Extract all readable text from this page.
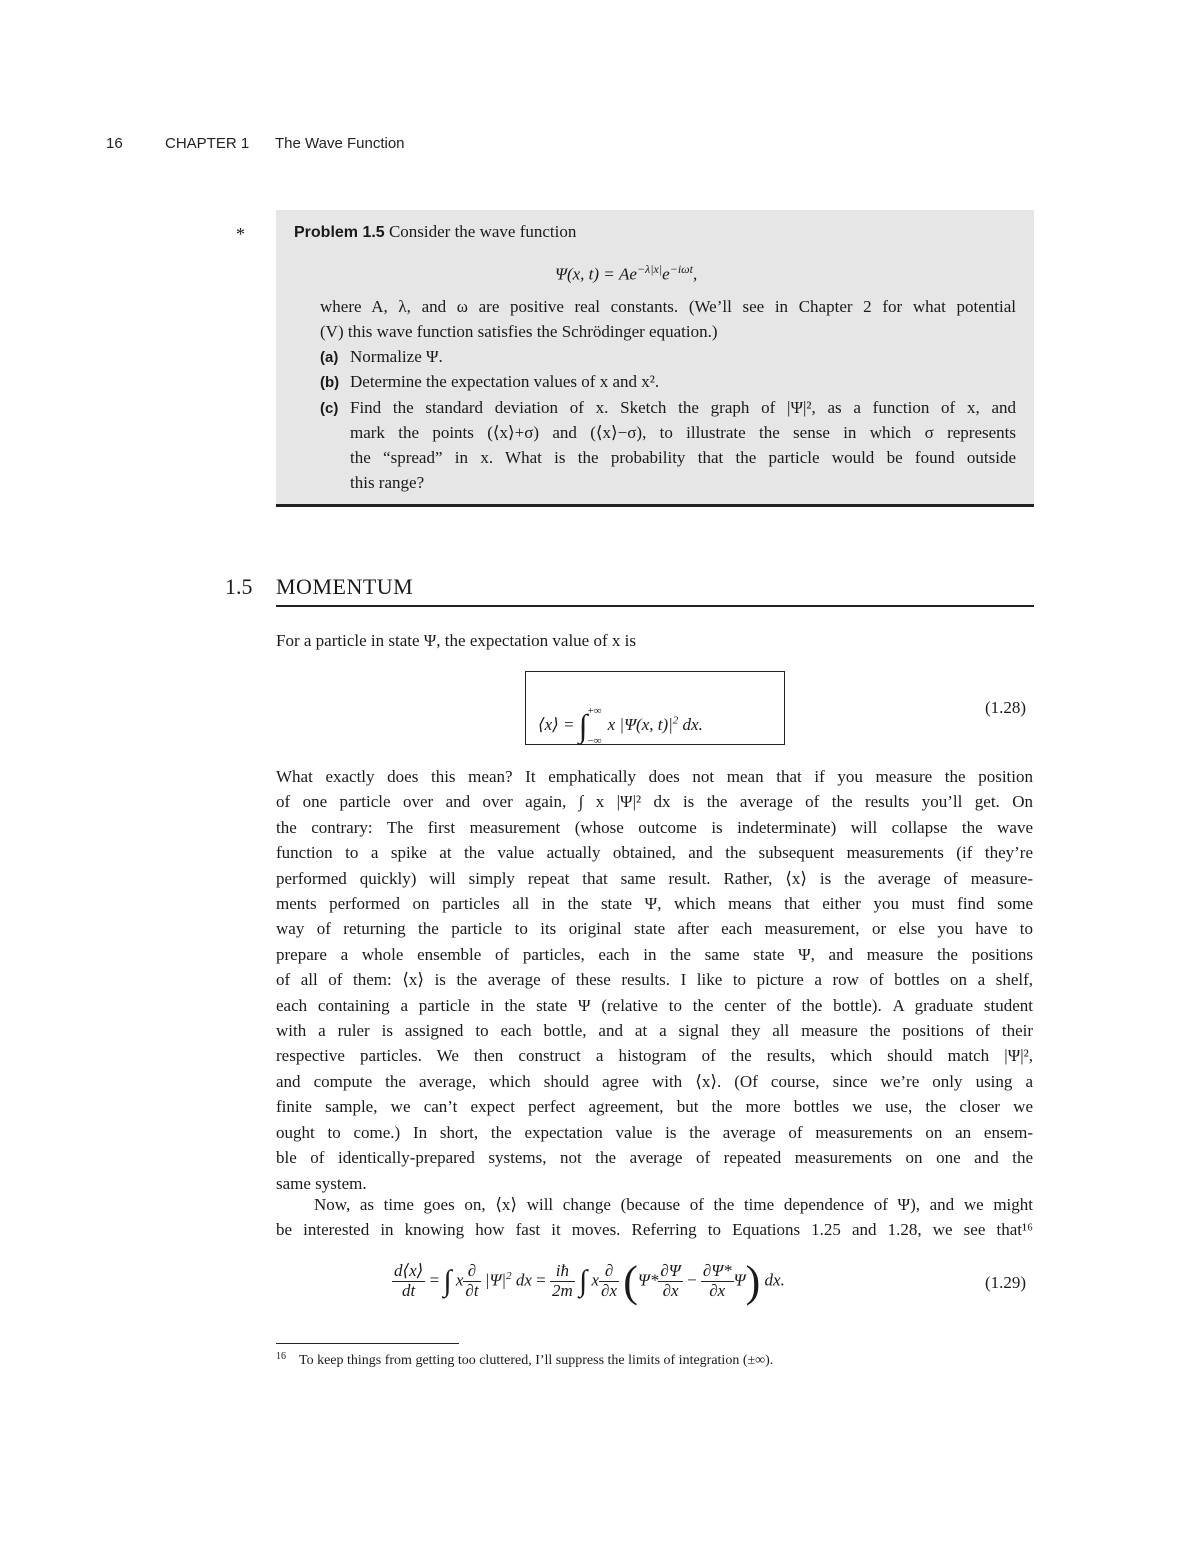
16	CHAPTER 1 The Wave Function
*	Problem 1.5 Consider the wave function
Ψ(x, $t) = Ae^{-\lambda|x|}e^{-i\omega t}$,
where A, λ, and ω are positive real constants. (We’ll see in Chapter 2 for what potential
(V) this wave function satisfies the Schrödinger equation.)
(a) Normalize Ψ.
(b) Determine the expectation values of x and x².
(c) Find the standard deviation of x. Sketch the graph of |Ψ|², as a function of x, and
mark the points (⟨x⟩+σ) and (⟨x⟩−σ), to illustrate the sense in which σ represents
the “spread” in x. What is the probability that the particle would be found outside
this range?
1.5 MOMENTUM
For a particle in state Ψ, the expectation value of x is
⟨x⟩ = ∫ +∞
−∞
x |Ψ(x, $t)|^2$ dx.
(1.28)
What exactly does this mean? It emphatically does not mean that if you measure the position
of one particle over and over again, ∫ x |Ψ|² dx is the average of the results you’ll get. On
the contrary: The first measurement (whose outcome is indeterminate) will collapse the wave
function to a spike at the value actually obtained, and the subsequent measurements (if they’re
performed quickly) will simply repeat that same result. Rather, ⟨x⟩ is the average of measure-
ments performed on particles all in the state Ψ, which means that either you must find some
way of returning the particle to its original state after each measurement, or else you have to
prepare a whole ensemble of particles, each in the same state Ψ, and measure the positions
of all of them: ⟨x⟩ is the average of these results. I like to picture a row of bottles on a shelf,
each containing a particle in the state Ψ (relative to the center of the bottle). A graduate student
with a ruler is assigned to each bottle, and at a signal they all measure the positions of their
respective particles. We then construct a histogram of the results, which should match |Ψ|²,
and compute the average, which should agree with ⟨x⟩. (Of course, since we’re only using a
finite sample, we can’t expect perfect agreement, but the more bottles we use, the closer we
ought to come.) In short, the expectation value is the average of measurements on an ensem-
ble of identically-prepared systems, not the average of repeated measurements on one and the
same system.
Now, as time goes on, ⟨x⟩ will change (because of the time dependence of Ψ), and we might
be interested in knowing how fast it moves. Referring to Equations 1.25 and 1.28, we see that¹⁶
$\frac{d⟨x⟩}{dt}$ = ∫ x $\frac{\partial}{\partial t} |\Psi|^2$ dx = $\frac{iħ}{2m}$ ∫ x $\frac{\partial}{\partial x} (\Psi* \frac{\partial\Psi}{\partial x} - \frac{\partial\Psi*}{\partial x} \Psi)$ dx.	(1.29)
16 To keep things from getting too cluttered, I’ll suppress the limits of integration (±∞).
